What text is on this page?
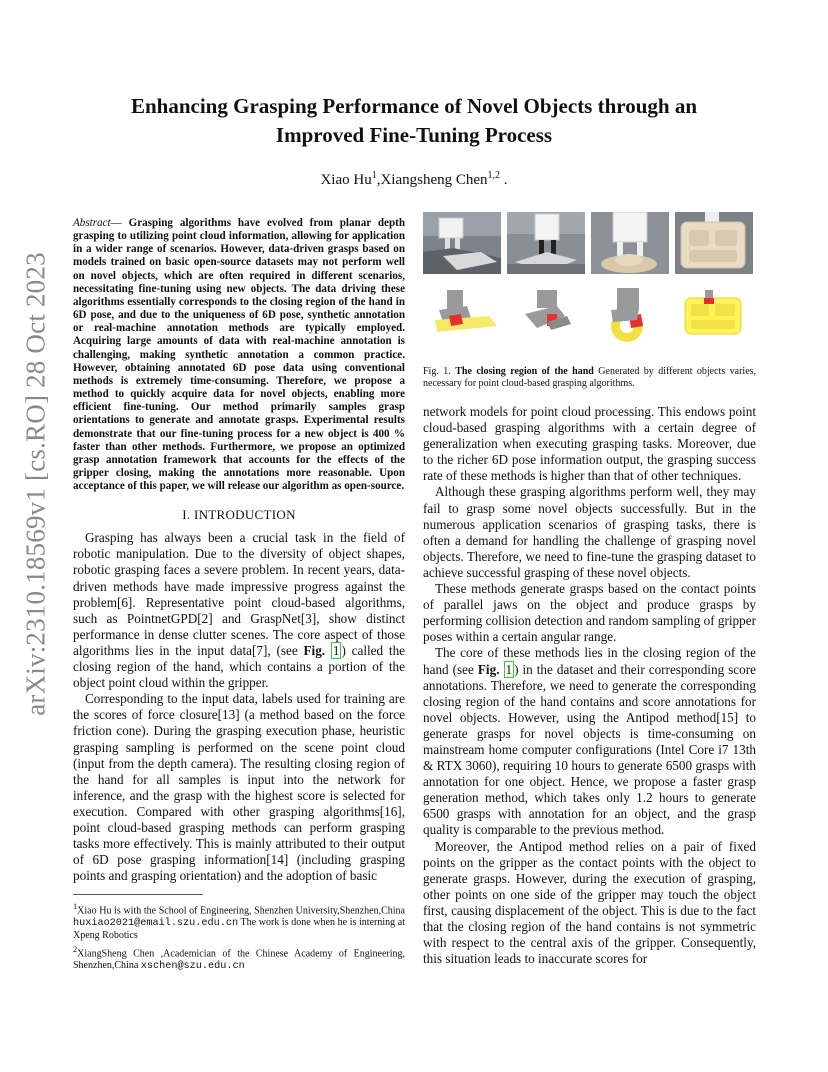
arXiv:2310.18569v1 [cs.RO] 28 Oct 2023
Enhancing Grasping Performance of Novel Objects through an
Improved Fine-Tuning Process
Xiao Hu$^1$,Xiangsheng Chen$^{1,2}$ .

Abstract— Grasping algorithms have evolved from planar depth grasping to utilizing point cloud information, allowing for application in a wider range of scenarios. However, data-driven grasps based on models trained on basic open-source datasets may not perform well on novel objects, which are often required in different scenarios, necessitating fine-tuning using new objects. The data driving these algorithms essentially corresponds to the closing region of the hand in 6D pose, and due to the uniqueness of 6D pose, synthetic annotation or real-machine annotation methods are typically employed. Acquiring large amounts of data with real-machine annotation is challenging, making synthetic annotation a common practice. However, obtaining annotated 6D pose data using conventional methods is extremely time-consuming. Therefore, we propose a method to quickly acquire data for novel objects, enabling more efficient fine-tuning. Our method primarily samples grasp orientations to generate and annotate grasps. Experimental results demonstrate that our fine-tuning process for a new object is 400 % faster than other methods. Furthermore, we propose an optimized grasp annotation framework that accounts for the effects of the gripper closing, making the annotations more reasonable. Upon acceptance of this paper, we will release our algorithm as open-source.

I. INTRODUCTION

Grasping has always been a crucial task in the field of robotic manipulation. Due to the diversity of object shapes, robotic grasping faces a severe problem. In recent years, data-driven methods have made impressive progress against the problem[6]. Representative point cloud-based algorithms, such as PointnetGPD[2] and GraspNet[3], show distinct performance in dense clutter scenes. The core aspect of those algorithms lies in the input data[7], (see Fig. 1 ) called the closing region of the hand, which contains a portion of the object point cloud within the gripper.

Corresponding to the input data, labels used for training are the scores of force closure[13] (a method based on the force friction cone). During the grasping execution phase, heuristic grasping sampling is performed on the scene point cloud (input from the depth camera). The resulting closing region of the hand for all samples is input into the network for inference, and the grasp with the highest score is selected for execution. Compared with other grasping algorithms[16], point cloud-based grasping methods can perform grasping tasks more effectively. This is mainly attributed to their output of 6D pose grasping information[14] (including grasping points and grasping orientation) and the adoption of basic

$^1$Xiao Hu is with the School of Engineering, Shenzhen University,Shenzhen,China huxiao2021@email.szu.edu.cn The work is done when he is interning at Xpeng Robotics

$^2$XiangSheng Chen ,Academician of the Chinese Academy of Engineering, Shenzhen,China xschen@szu.edu.cn

Fig. 1. The closing region of the hand Generated by different objects varies, necessary for point cloud-based grasping algorithms.

network models for point cloud processing. This endows point cloud-based grasping algorithms with a certain degree of generalization when executing grasping tasks. Moreover, due to the richer 6D pose information output, the grasping success rate of these methods is higher than that of other techniques.

Although these grasping algorithms perform well, they may fail to grasp some novel objects successfully. But in the numerous application scenarios of grasping tasks, there is often a demand for handling the challenge of grasping novel objects. Therefore, we need to fine-tune the grasping dataset to achieve successful grasping of these novel objects.

These methods generate grasps based on the contact points of parallel jaws on the object and produce grasps by performing collision detection and random sampling of gripper poses within a certain angular range.

The core of these methods lies in the closing region of the hand (see Fig. 1 ) in the dataset and their corresponding score annotations. Therefore, we need to generate the corresponding closing region of the hand contains and score annotations for novel objects. However, using the Antipod method[15] to generate grasps for novel objects is time-consuming on mainstream home computer configurations (Intel Core i7 13th & RTX 3060), requiring 10 hours to generate 6500 grasps with annotation for one object. Hence, we propose a faster grasp generation method, which takes only 1.2 hours to generate 6500 grasps with annotation for an object, and the grasp quality is comparable to the previous method.

Moreover, the Antipod method relies on a pair of fixed points on the gripper as the contact points with the object to generate grasps. However, during the execution of grasping, other points on one side of the gripper may touch the object first, causing displacement of the object. This is due to the fact that the closing region of the hand contains is not symmetric with respect to the central axis of the gripper. Consequently, this situation leads to inaccurate scores for
